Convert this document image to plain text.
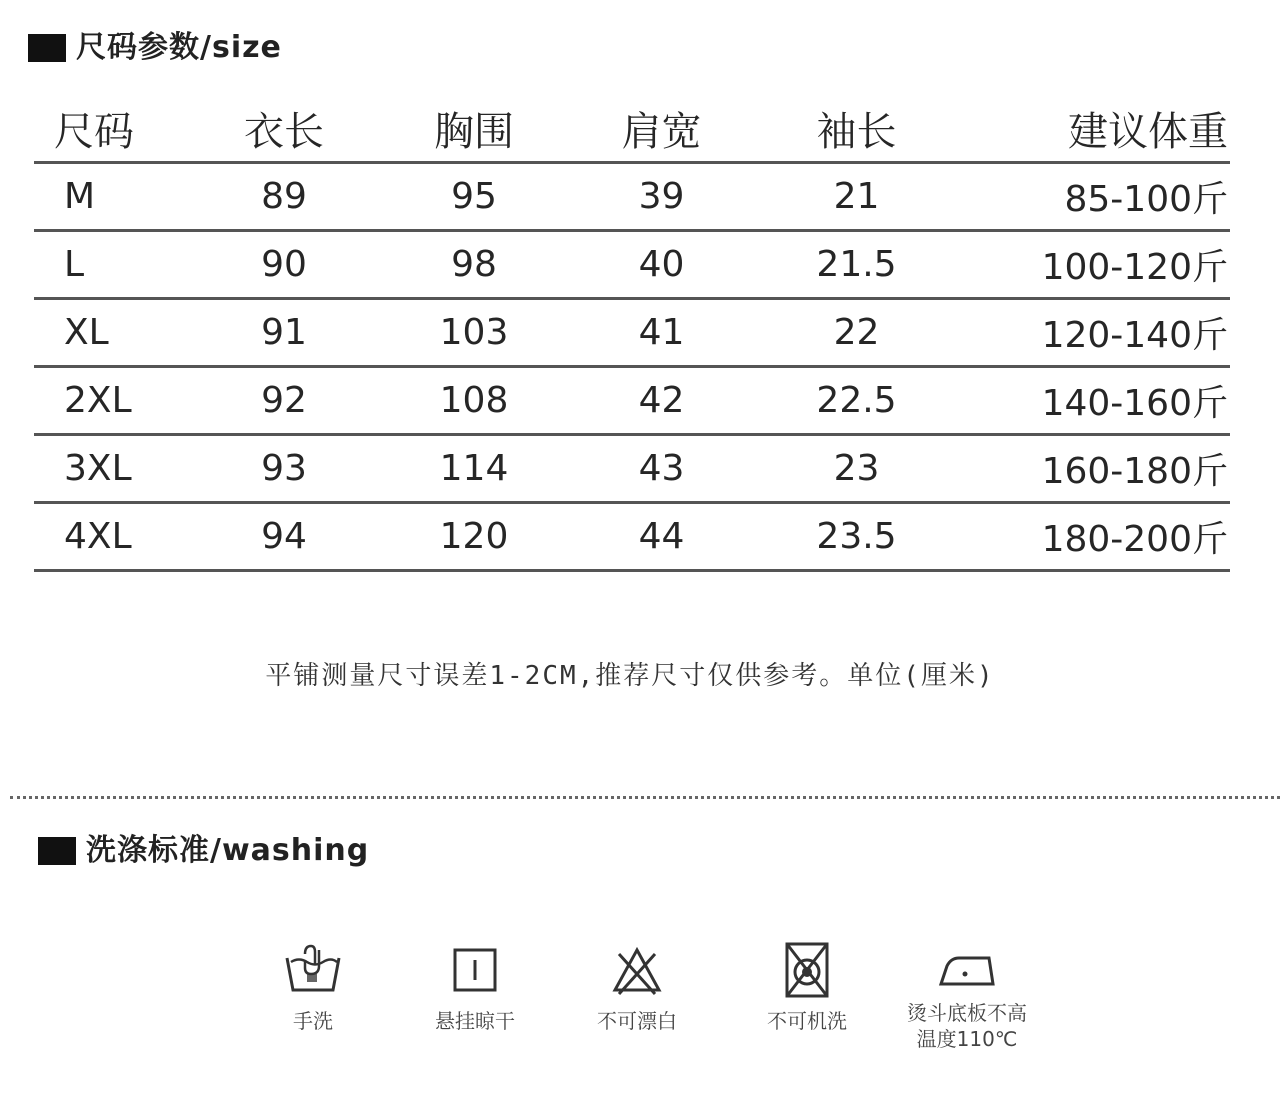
尺码参数/size
尺码	衣长	胸围	肩宽	袖长	建议体重
M	89	95	39	21	85-100斤
L	90	98	40	21.5	100-120斤
XL	91	103	41	22	120-140斤
2XL	92	108	42	22.5	140-160斤
3XL	93	114	43	23	160-180斤
4XL	94	120	44	23.5	180-200斤
平铺测量尺寸误差1-2CM,推荐尺寸仅供参考。单位(厘米)
洗涤标准/washing
手洗	悬挂晾干	不可漂白	不可机洗	烫斗底板不高
温度110℃
